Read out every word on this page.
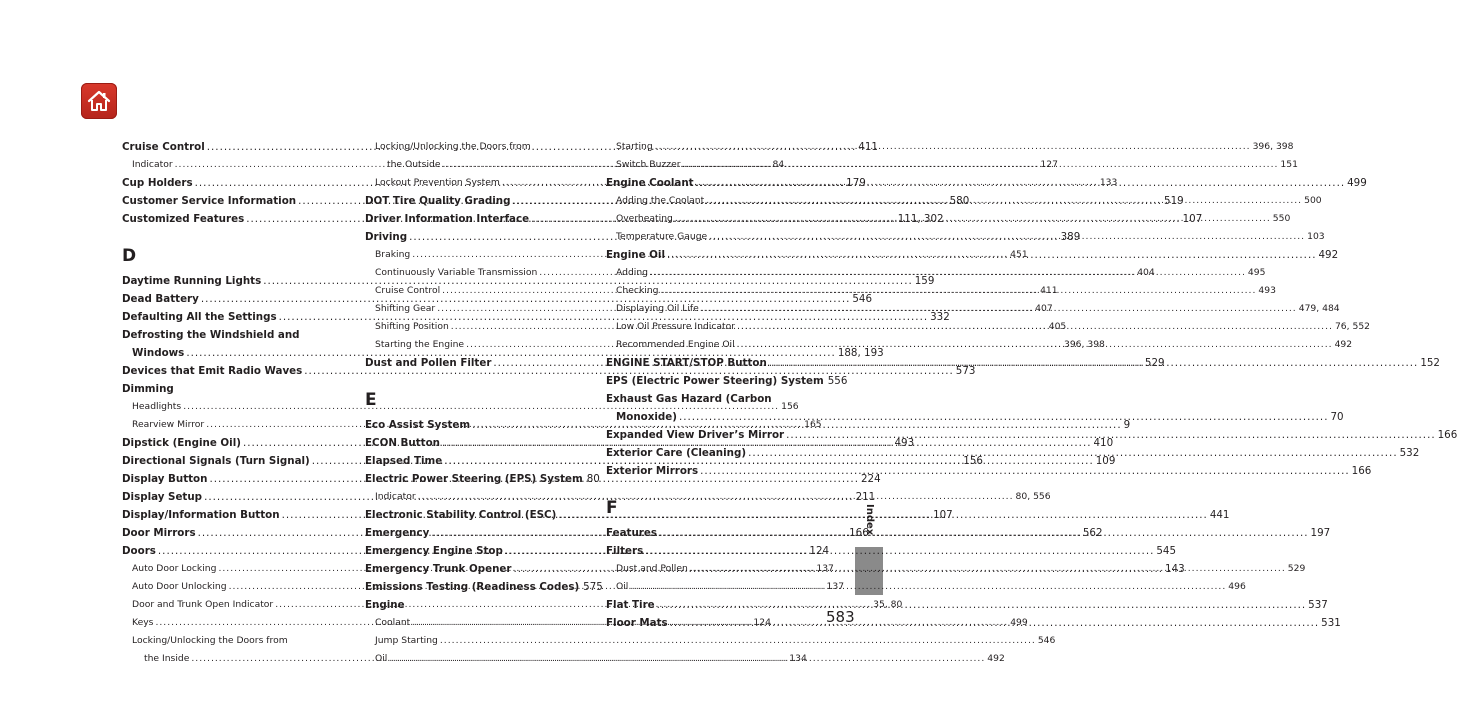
Index
Cruise Control .....	411
Indicator .....	84
Cup Holders .....	179
Customer Service Information .....	580
Customized Features .....	111, 302
D
Daytime Running Lights .....	159
Dead Battery .....	546
Defaulting All the Settings .....	332
Defrosting the Windshield and
Windows .....	188, 193
Devices that Emit Radio Waves .....	573
Dimming
Headlights .....	156
Rearview Mirror .....	165
Dipstick (Engine Oil) .....	493
Directional Signals (Turn Signal) .....	156
Display Button .....	224
Display Setup .....	211
Display/Information Button .....	107
Door Mirrors .....	166
Doors .....	124
Auto Door Locking .....	137
Auto Door Unlocking .....	137
Door and Trunk Open Indicator .....	35, 80
Keys .....	124
Locking/Unlocking the Doors from
the Inside .....	134
Locking/Unlocking the Doors from
the Outside .....	127
Lockout Prevention System .....	133
DOT Tire Quality Grading .....	519
Driver Information Interface .....	107
Driving .....	389
Braking .....	451
Continuously Variable Transmission .....	404
Cruise Control .....	411
Shifting Gear .....	407
Shifting Position .....	405
Starting the Engine .....	396, 398
Dust and Pollen Filter .....	529
E
Eco Assist System .....	9
ECON Button .....	410
Elapsed Time .....	109
Electric Power Steering (EPS) System 80
Indicator .....	80, 556
Electronic Stability Control (ESC) .....	441
Emergency .....	562
Emergency Engine Stop .....	545
Emergency Trunk Opener .....	143
Emissions Testing (Readiness Codes) 575
Engine
Coolant .....	499
Jump Starting .....	546
Oil .....	492
Starting .....	396, 398
Switch Buzzer .....	151
Engine Coolant .....	499
Adding the Coolant .....	500
Overheating .....	550
Temperature Gauge .....	103
Engine Oil .....	492
Adding .....	495
Checking .....	493
Displaying Oil Life .....	479, 484
Low Oil Pressure Indicator .....	76, 552
Recommended Engine Oil .....	492
ENGINE START/STOP Button .....	152
EPS (Electric Power Steering) System 556
Exhaust Gas Hazard (Carbon
Monoxide) .....	70
Expanded View Driver’s Mirror .....	166
Exterior Care (Cleaning) .....	532
Exterior Mirrors .....	166
F
Features .....	197
Filters
Dust and Pollen .....	529
Oil .....	496
Flat Tire .....	537
Floor Mats .....	531
583
